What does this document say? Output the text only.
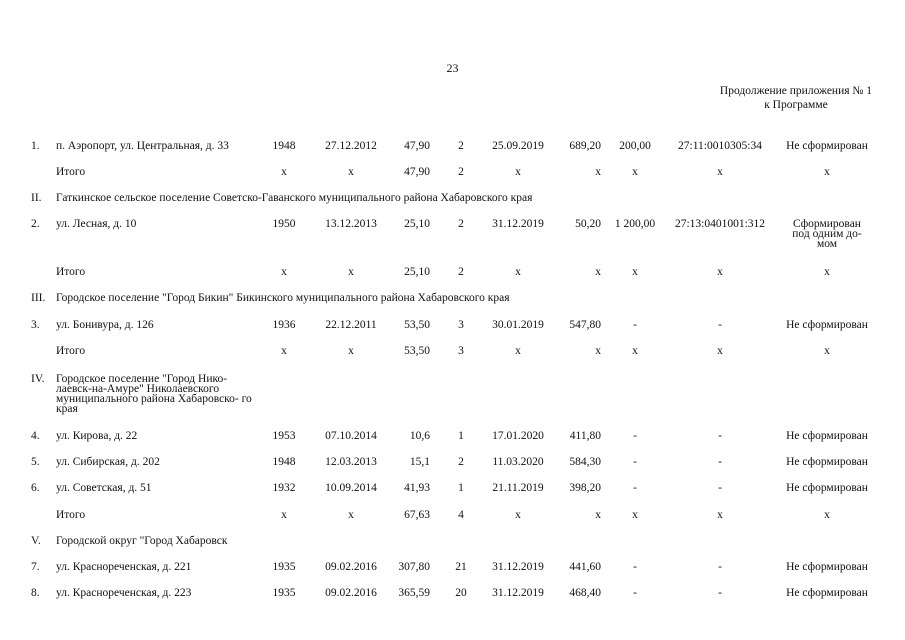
23
Продолжение приложения № 1
к Программе
1. п. Аэропорт, ул. Центральная, д. 33	1948	27.12.2012	47,90	2	25.09.2019	689,20	200,00	27:11:0010305:34	Не сформирован
Итого	x	x	47,90	2	x	x	x	x	x
II. Гаткинское сельское поселение Советско-Гаванского муниципального района Хабаровского края
2. ул. Лесная, д. 10	1950	13.12.2013	25,10	2	31.12.2019	50,20	1 200,00	27:13:0401001:312	Сформирован под одним до- мом
Итого	x	x	25,10	2	x	x	x	x	x
III. Городское поселение "Город Бикин" Бикинского муниципального района Хабаровского края
3. ул. Бонивура, д. 126	1936	22.12.2011	53,50	3	30.01.2019	547,80	-	-	Не сформирован
Итого	x	x	53,50	3	x	x	x	x	x
IV. Городское поселение "Город Нико- лаевск-на-Амуре" Николаевского муниципального района Хабаровско- го края
4. ул. Кирова, д. 22	1953	07.10.2014	10,6	1	17.01.2020	411,80	-	-	Не сформирован
5. ул. Сибирская, д. 202	1948	12.03.2013	15,1	2	11.03.2020	584,30	-	-	Не сформирован
6. ул. Советская, д. 51	1932	10.09.2014	41,93	1	21.11.2019	398,20	-	-	Не сформирован
Итого	x	x	67,63	4	x	x	x	x	x
V. Городской округ "Город Хабаровск
7. ул. Краснореченская, д. 221	1935	09.02.2016	307,80	21	31.12.2019	441,60	-	-	Не сформирован
8. ул. Краснореченская, д. 223	1935	09.02.2016	365,59	20	31.12.2019	468,40	-	-	Не сформирован
